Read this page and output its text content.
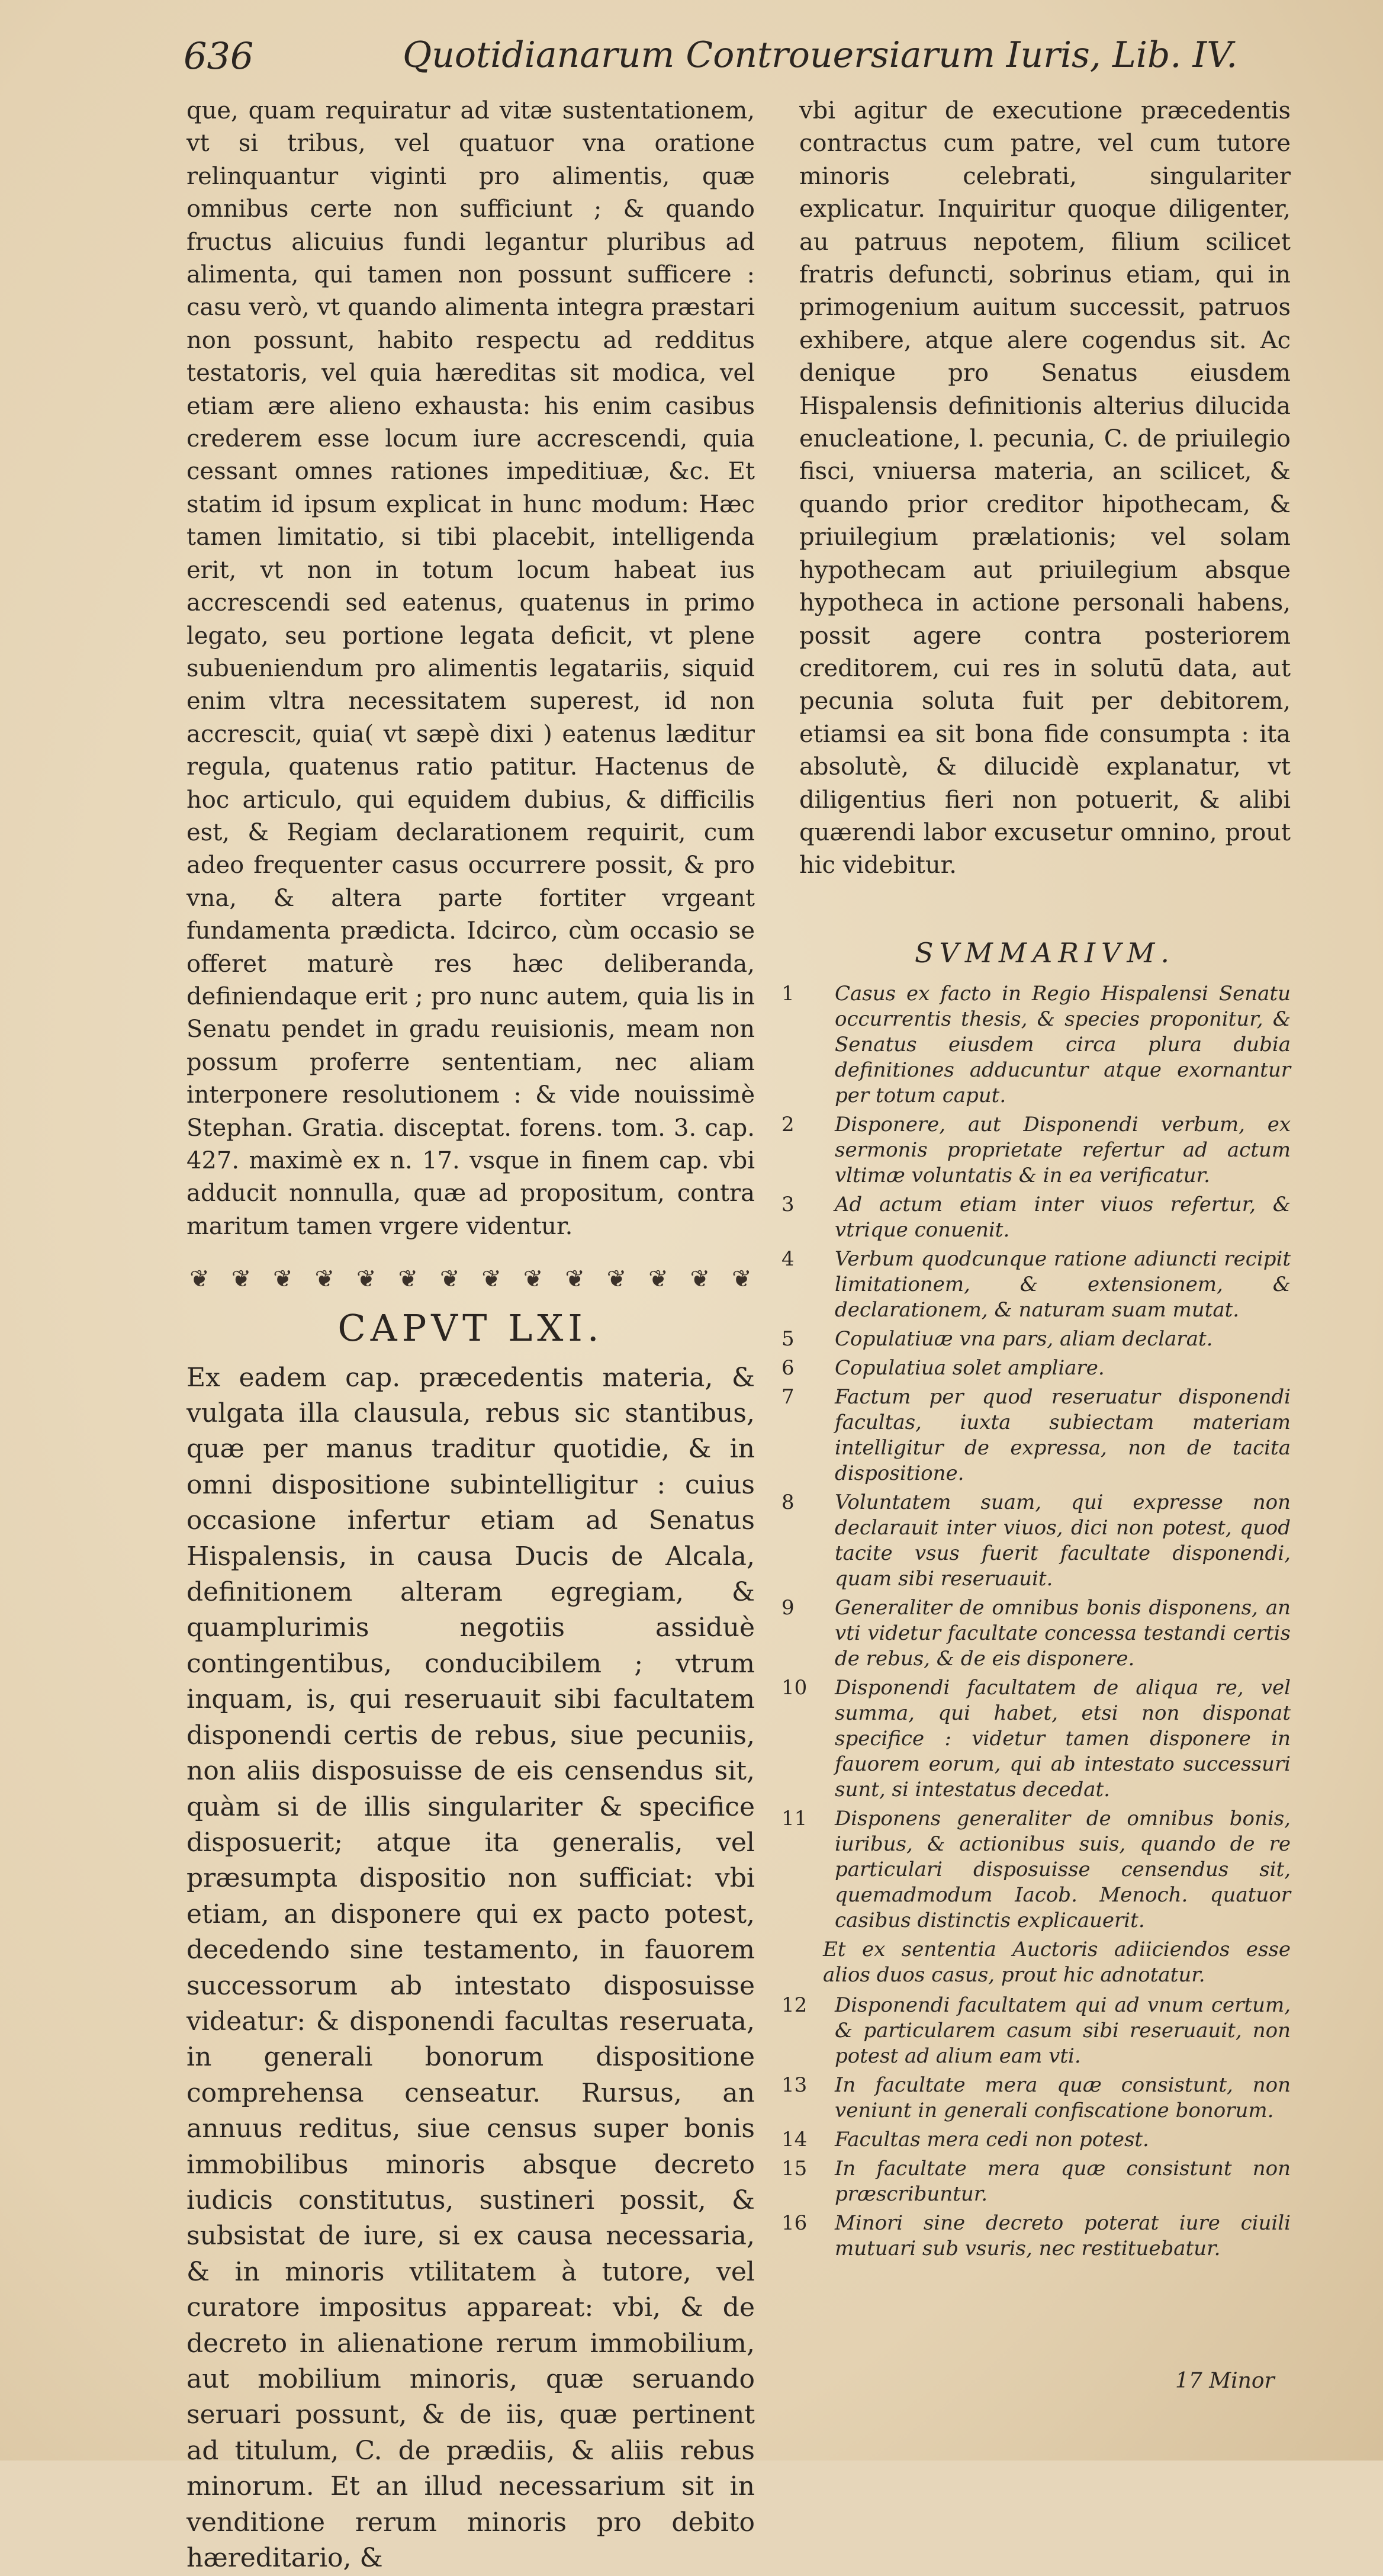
636	Quotidianarum Controuersiarum Iuris, Lib. IV.

que, quam requiratur ad vitæ sustentationem, vt si tribus, vel quatuor vna oratione relinquantur viginti pro alimentis, quæ omnibus certe non sufficiunt ; & quando fructus alicuius fundi legantur pluribus ad alimenta, qui tamen non possunt sufficere : casu verò, vt quando alimenta integra præstari non possunt, habito respectu ad redditus testatoris, vel quia hæreditas sit modica, vel etiam ære alieno exhausta: his enim casibus crederem esse locum iure accrescendi, quia cessant omnes rationes impeditiuæ, &c. Et statim id ipsum explicat in hunc modum: Hæc tamen limitatio, si tibi placebit, intelligenda erit, vt non in totum locum habeat ius accrescendi sed eatenus, quatenus in primo legato, seu portione legata deficit, vt plene subueniendum pro alimentis legatariis, siquid enim vltra necessitatem superest, id non accrescit, quia( vt sæpè dixi ) eatenus læditur regula, quatenus ratio patitur. Hactenus de hoc articulo, qui equidem dubius, & difficilis est, & Regiam declarationem requirit, cum adeo frequenter casus occurrere possit, & pro vna, & altera parte fortiter vrgeant fundamenta prædicta. Idcirco, cùm occasio se offeret maturè res hæc deliberanda, definiendaque erit ; pro nunc autem, quia lis in Senatu pendet in gradu reuisionis, meam non possum proferre sententiam, nec aliam interponere resolutionem : & vide nouissimè Stephan. Gratia. disceptat. forens. tom. 3. cap. 427. maximè ex n. 17. vsque in finem cap. vbi adducit nonnulla, quæ ad propositum, contra maritum tamen vrgere videntur.

❦ ❦ ❦ ❦ ❦ ❦ ❦ ❦ ❦ ❦ ❦ ❦ ❦ ❦
CAPVT LXI.

Ex eadem cap. præcedentis materia, & vulgata illa clausula, rebus sic stantibus, quæ per manus traditur quotidie, & in omni dispositione subintelligitur : cuius occasione infertur etiam ad Senatus Hispalensis, in causa Ducis de Alcala, definitionem alteram egregiam, & quamplurimis negotiis assiduè contingentibus, conducibilem ; vtrum inquam, is, qui reseruauit sibi facultatem disponendi certis de rebus, siue pecuniis, non aliis disposuisse de eis censendus sit, quàm si de illis singulariter & specifice disposuerit; atque ita generalis, vel præsumpta dispositio non sufficiat: vbi etiam, an disponere qui ex pacto potest, decedendo sine testamento, in fauorem successorum ab intestato disposuisse videatur: & disponendi facultas reseruata, in generali bonorum dispositione comprehensa censeatur. Rursus, an annuus reditus, siue census super bonis immobilibus minoris absque decreto iudicis constitutus, sustineri possit, & subsistat de iure, si ex causa necessaria, & in minoris vtilitatem à tutore, vel curatore impositus appareat: vbi, & de decreto in alienatione rerum immobilium, aut mobilium minoris, quæ seruando seruari possunt, & de iis, quæ pertinent ad titulum, C. de prædiis, & aliis rebus minorum. Et an illud necessarium sit in venditione rerum minoris pro debito hæreditario, &

vbi agitur de executione præcedentis contractus cum patre, vel cum tutore minoris celebrati, singulariter explicatur. Inquiritur quoque diligenter, au patruus nepotem, filium scilicet fratris defuncti, sobrinus etiam, qui in primogenium auitum successit, patruos exhibere, atque alere cogendus sit. Ac denique pro Senatus eiusdem Hispalensis definitionis alterius dilucida enucleatione, l. pecunia, C. de priuilegio fisci, vniuersa materia, an scilicet, & quando prior creditor hipothecam, & priuilegium prælationis; vel solam hypothecam aut priuilegium absque hypotheca in actione personali habens, possit agere contra posteriorem creditorem, cui res in solutū data, aut pecunia soluta fuit per debitorem, etiamsi ea sit bona fide consumpta : ita absolutè, & dilucidè explanatur, vt diligentius fieri non potuerit, & alibi quærendi labor excusetur omnino, prout hic videbitur.

SVMMARIVM.
1	Casus ex facto in Regio Hispalensi Senatu occurrentis thesis, & species proponitur, & Senatus eiusdem circa plura dubia definitiones adducuntur atque exornantur per totum caput.
2	Disponere, aut Disponendi verbum, ex sermonis proprietate refertur ad actum vltimæ voluntatis & in ea verificatur.
3	Ad actum etiam inter viuos refertur, & vtrique conuenit.
4	Verbum quodcunque ratione adiuncti recipit limitationem, & extensionem, & declarationem, & naturam suam mutat.
5	Copulatiuæ vna pars, aliam declarat.
6	Copulatiua solet ampliare.
7	Factum per quod reseruatur disponendi facultas, iuxta subiectam materiam intelligitur de expressa, non de tacita dispositione.
8	Voluntatem suam, qui expresse non declarauit inter viuos, dici non potest, quod tacite vsus fuerit facultate disponendi, quam sibi reseruauit.
9	Generaliter de omnibus bonis disponens, an vti videtur facultate concessa testandi certis de rebus, & de eis disponere.
10	Disponendi facultatem de aliqua re, vel summa, qui habet, etsi non disponat specifice : videtur tamen disponere in fauorem eorum, qui ab intestato successuri sunt, si intestatus decedat.
11	Disponens generaliter de omnibus bonis, iuribus, & actionibus suis, quando de re particulari disposuisse censendus sit, quemadmodum Iacob. Menoch. quatuor casibus distinctis explicauerit.
Et ex sententia Auctoris adiiciendos esse alios duos casus, prout hic adnotatur.
12	Disponendi facultatem qui ad vnum certum, & particularem casum sibi reseruauit, non potest ad alium eam vti.
13	In facultate mera quæ consistunt, non veniunt in generali confiscatione bonorum.
14	Facultas mera cedi non potest.
15	In facultate mera quæ consistunt non præscribuntur.
16	Minori sine decreto poterat iure ciuili mutuari sub vsuris, nec restituebatur.
17 Minor
